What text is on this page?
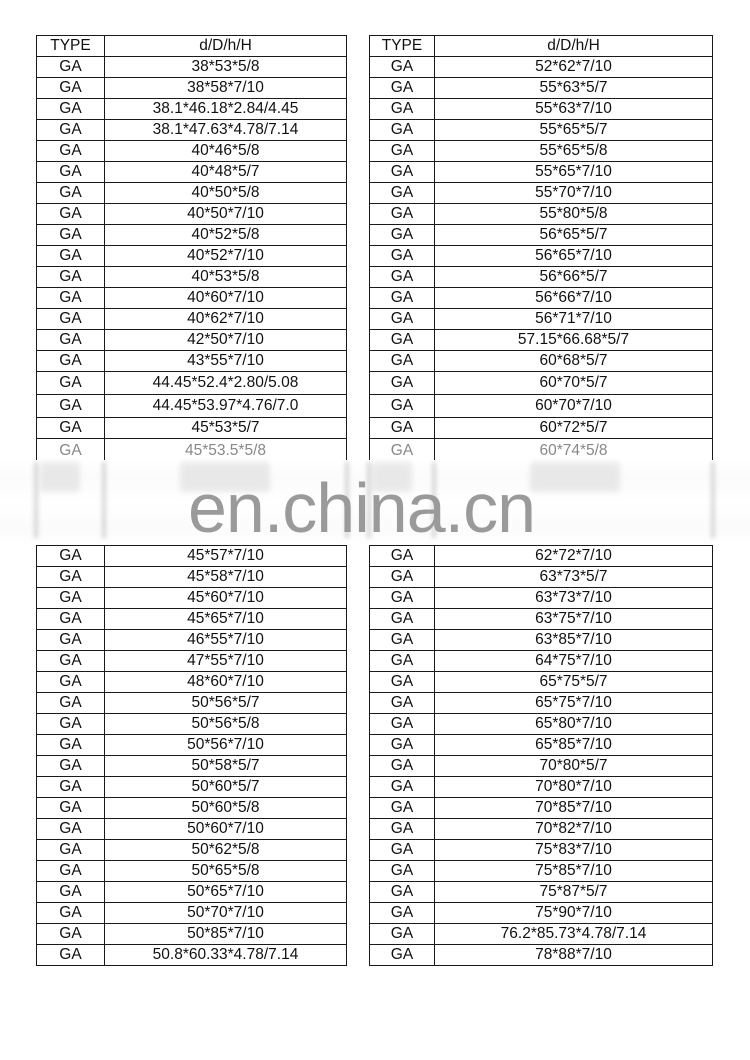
TYPE	d/D/h/H
GA	38*53*5/8
GA	38*58*7/10
GA	38.1*46.18*2.84/4.45
GA	38.1*47.63*4.78/7.14
GA	40*46*5/8
GA	40*48*5/7
GA	40*50*5/8
GA	40*50*7/10
GA	40*52*5/8
GA	40*52*7/10
GA	40*53*5/8
GA	40*60*7/10
GA	40*62*7/10
GA	42*50*7/10
GA	43*55*7/10
GA	44.45*52.4*2.80/5.08
GA	44.45*53.97*4.76/7.0
GA	45*53*5/7
GA	45*53.5*5/8
TYPE	d/D/h/H
GA	52*62*7/10
GA	55*63*5/7
GA	55*63*7/10
GA	55*65*5/7
GA	55*65*5/8
GA	55*65*7/10
GA	55*70*7/10
GA	55*80*5/8
GA	56*65*5/7
GA	56*65*7/10
GA	56*66*5/7
GA	56*66*7/10
GA	56*71*7/10
GA	57.15*66.68*5/7
GA	60*68*5/7
GA	60*70*5/7
GA	60*70*7/10
GA	60*72*5/7
GA	60*74*5/8
en.china.cn
GA	45*57*7/10
GA	45*58*7/10
GA	45*60*7/10
GA	45*65*7/10
GA	46*55*7/10
GA	47*55*7/10
GA	48*60*7/10
GA	50*56*5/7
GA	50*56*5/8
GA	50*56*7/10
GA	50*58*5/7
GA	50*60*5/7
GA	50*60*5/8
GA	50*60*7/10
GA	50*62*5/8
GA	50*65*5/8
GA	50*65*7/10
GA	50*70*7/10
GA	50*85*7/10
GA	50.8*60.33*4.78/7.14
GA	62*72*7/10
GA	63*73*5/7
GA	63*73*7/10
GA	63*75*7/10
GA	63*85*7/10
GA	64*75*7/10
GA	65*75*5/7
GA	65*75*7/10
GA	65*80*7/10
GA	65*85*7/10
GA	70*80*5/7
GA	70*80*7/10
GA	70*85*7/10
GA	70*82*7/10
GA	75*83*7/10
GA	75*85*7/10
GA	75*87*5/7
GA	75*90*7/10
GA	76.2*85.73*4.78/7.14
GA	78*88*7/10
